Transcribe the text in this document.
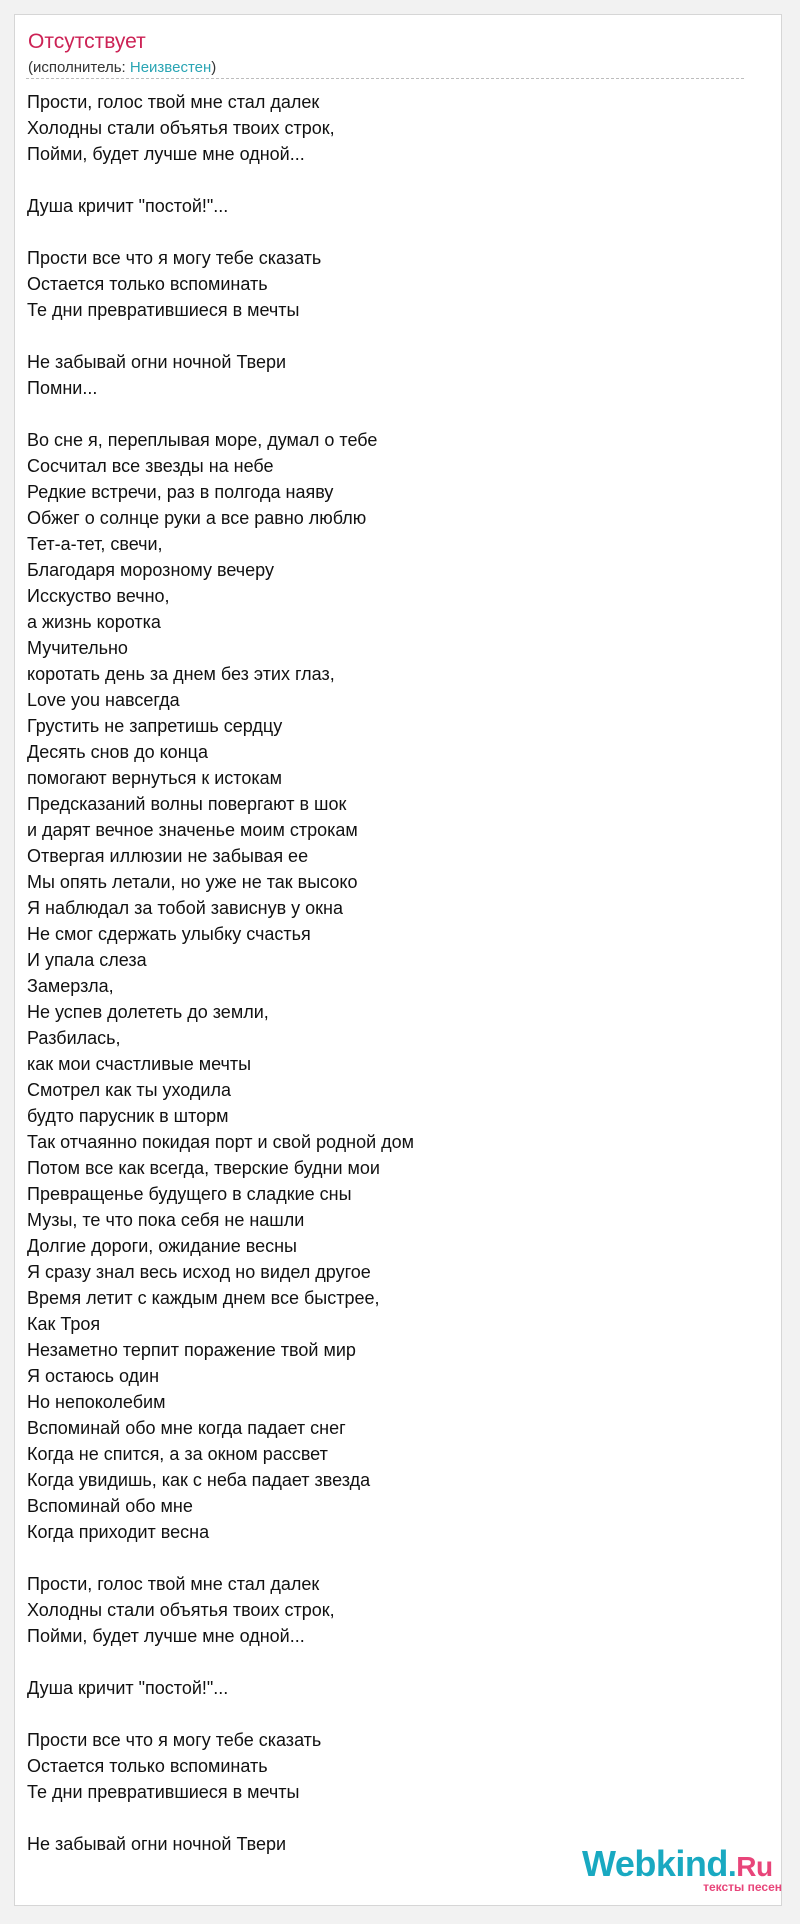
Отсутствует
(исполнитель: Неизвестен)
Прости, голос твой мне стал далек
Холодны стали объятья твоих строк,
Пойми, будет лучше мне одной...
Душа кричит "постой!"...
Прости все что я могу тебе сказать
Остается только вспоминать
Те дни превратившиеся в мечты
Не забывай огни ночной Твери
Помни...
Во сне я, переплывая море, думал о тебе
Сосчитал все звезды на небе
Редкие встречи, раз в полгода наяву
Обжег о солнце руки а все равно люблю
Тет-а-тет, свечи,
Благодаря морозному вечеру
Исскуство вечно,
а жизнь коротка
Мучительно
коротать день за днем без этих глаз,
Love you навсегда
Грустить не запретишь сердцу
Десять снов до конца
помогают вернуться к истокам
Предсказаний волны повергают в шок
и дарят вечное значенье моим строкам
Отвергая иллюзии не забывая ее
Мы опять летали, но уже не так высоко
Я наблюдал за тобой зависнув у окна
Не смог сдержать улыбку счастья
И упала слеза
Замерзла,
Не успев долететь до земли,
Разбилась,
как мои счастливые мечты
Смотрел как ты уходила
будто парусник в шторм
Так отчаянно покидая порт и свой родной дом
Потом все как всегда, тверские будни мои
Превращенье будущего в сладкие сны
Музы, те что пока себя не нашли
Долгие дороги, ожидание весны
Я сразу знал весь исход но видел другое
Время летит с каждым днем все быстрее,
Как Троя
Незаметно терпит поражение твой мир
Я остаюсь один
Но непоколебим
Вспоминай обо мне когда падает снег
Когда не спится, а за окном рассвет
Когда увидишь, как с неба падает звезда
Вспоминай обо мне
Когда приходит весна
Прости, голос твой мне стал далек
Холодны стали объятья твоих строк,
Пойми, будет лучше мне одной...
Душа кричит "постой!"...
Прости все что я могу тебе сказать
Остается только вспоминать
Те дни превратившиеся в мечты
Не забывай огни ночной Твери	Webkind.Ru
тексты песен
